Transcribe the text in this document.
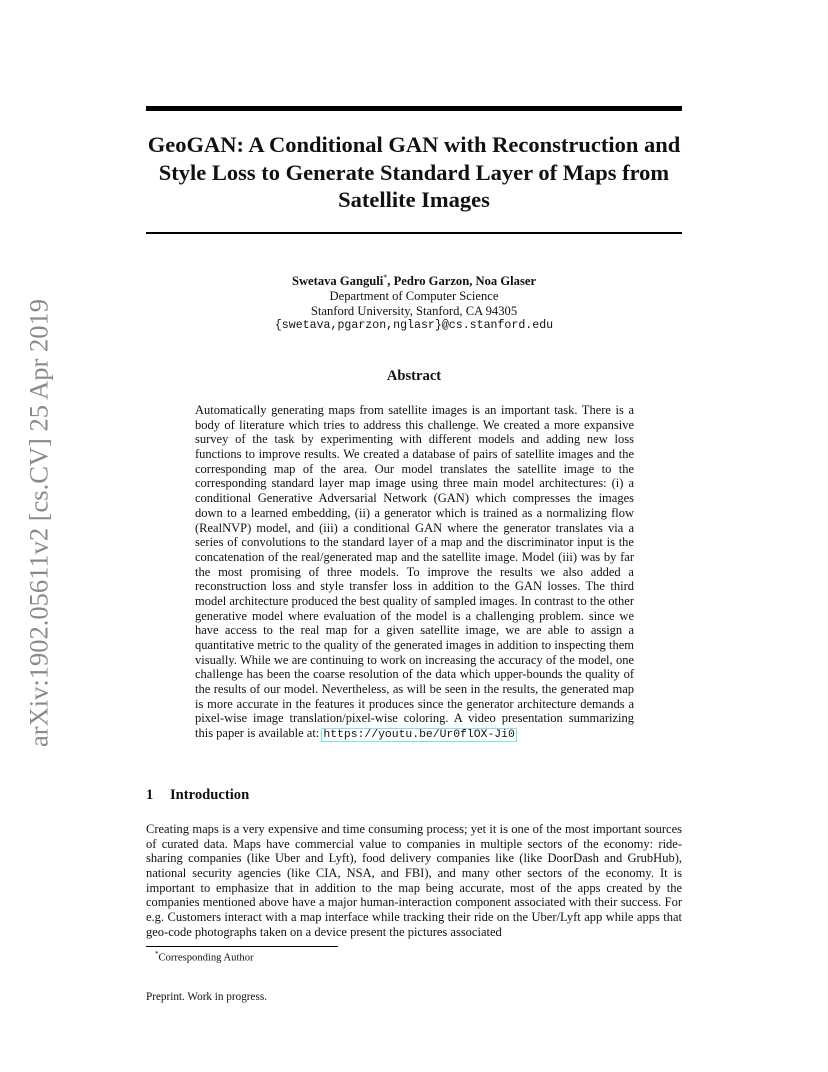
arXiv:1902.05611v2 [cs.CV] 25 Apr 2019
GeoGAN: A Conditional GAN with Reconstruction and Style Loss to Generate Standard Layer of Maps from Satellite Images
Swetava Ganguli*, Pedro Garzon, Noa Glaser
Department of Computer Science
Stanford University, Stanford, CA 94305
{swetava,pgarzon,nglasr}@cs.stanford.edu
Abstract

Automatically generating maps from satellite images is an important task. There is a body of literature which tries to address this challenge. We created a more expansive survey of the task by experimenting with different models and adding new loss functions to improve results. We created a database of pairs of satellite images and the corresponding map of the area. Our model translates the satellite image to the corresponding standard layer map image using three main model architectures: (i) a conditional Generative Adversarial Network (GAN) which compresses the images down to a learned embedding, (ii) a generator which is trained as a normalizing flow (RealNVP) model, and (iii) a conditional GAN where the generator translates via a series of convolutions to the standard layer of a map and the discriminator input is the concatenation of the real/generated map and the satellite image. Model (iii) was by far the most promising of three models. To improve the results we also added a reconstruction loss and style transfer loss in addition to the GAN losses. The third model architecture produced the best quality of sampled images. In contrast to the other generative model where evaluation of the model is a challenging problem. since we have access to the real map for a given satellite image, we are able to assign a quantitative metric to the quality of the generated images in addition to inspecting them visually. While we are continuing to work on increasing the accuracy of the model, one challenge has been the coarse resolution of the data which upper-bounds the quality of the results of our model. Nevertheless, as will be seen in the results, the generated map is more accurate in the features it produces since the generator architecture demands a pixel-wise image translation/pixel-wise coloring. A video presentation summarizing this paper is available at: https://youtu.be/Ur0flOX-Ji0

1 Introduction

Creating maps is a very expensive and time consuming process; yet it is one of the most important sources of curated data. Maps have commercial value to companies in multiple sectors of the economy: ride-sharing companies (like Uber and Lyft), food delivery companies like (like DoorDash and GrubHub), national security agencies (like CIA, NSA, and FBI), and many other sectors of the economy. It is important to emphasize that in addition to the map being accurate, most of the apps created by the companies mentioned above have a major human-interaction component associated with their success. For e.g. Customers interact with a map interface while tracking their ride on the Uber/Lyft app while apps that geo-code photographs taken on a device present the pictures associated

*Corresponding Author
Preprint. Work in progress.
